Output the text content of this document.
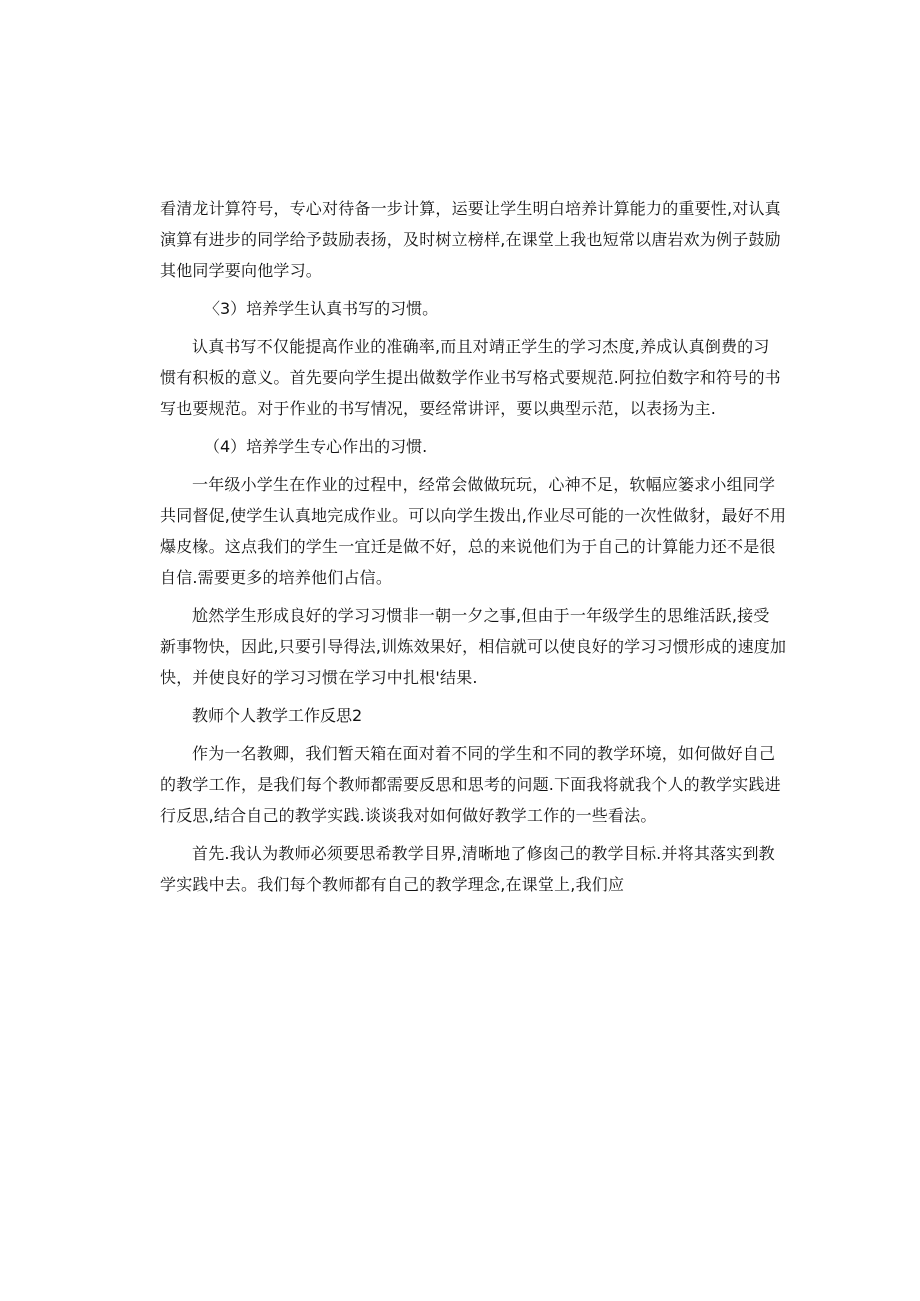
看清龙计算符号，专心对待备一步计算，运要让学生明白培养计算能力的重要性,对认真
演算有进步的同学给予鼓励表扬，及时树立榜样,在课堂上我也短常以唐岩欢为例子鼓励
其他同学要向他学习。
〈3）培养学生认真书写的习惯。
认真书写不仅能提高作业的准确率,而且对靖正学生的学习杰度,养成认真倒费的习
惯有积板的意义。首先要向学生提出做数学作业书写格式要规范.阿拉伯数字和符号的书
写也要规范。对于作业的书写情况，要经常讲评，要以典型示范，以表扬为主.
（4）培养学生专心作出的习惯.
一年级小学生在作业的过程中，经常会做做玩玩，心神不足，软幅应篓求小组同学
共同督促,使学生认真地完成作业。可以向学生拨出,作业尽可能的一次性做豺，最好不用
爆皮椽。这点我们的学生一宜迁是做不好，总的来说他们为于自己的计算能力还不是很
自信.需要更多的培养他们占信。
尬然学生形成良好的学习习惯非一朝一夕之事,但由于一年级学生的思维活跃,接受
新事物快，因此,只要引导得法,训炼效果好，相信就可以使良好的学习习惯形成的速度加
快，并使良好的学习习惯在学习中扎根'结果.
教师个人教学工作反思2
作为一名教卿，我们暂天箱在面对着不同的学生和不同的教学环境，如何做好自己
的教学工作，是我们每个教师都需要反思和思考的问题.下面我将就我个人的教学实践进
行反思,结合自己的教学实践.谈谈我对如何做好教学工作的一些看法。
首先.我认为教师必须要思希教学目界,清晰地了修囱己的教学目标.并将其落实到教
学实践中去。我们每个教师都有自己的教学理念,在课堂上,我们应
